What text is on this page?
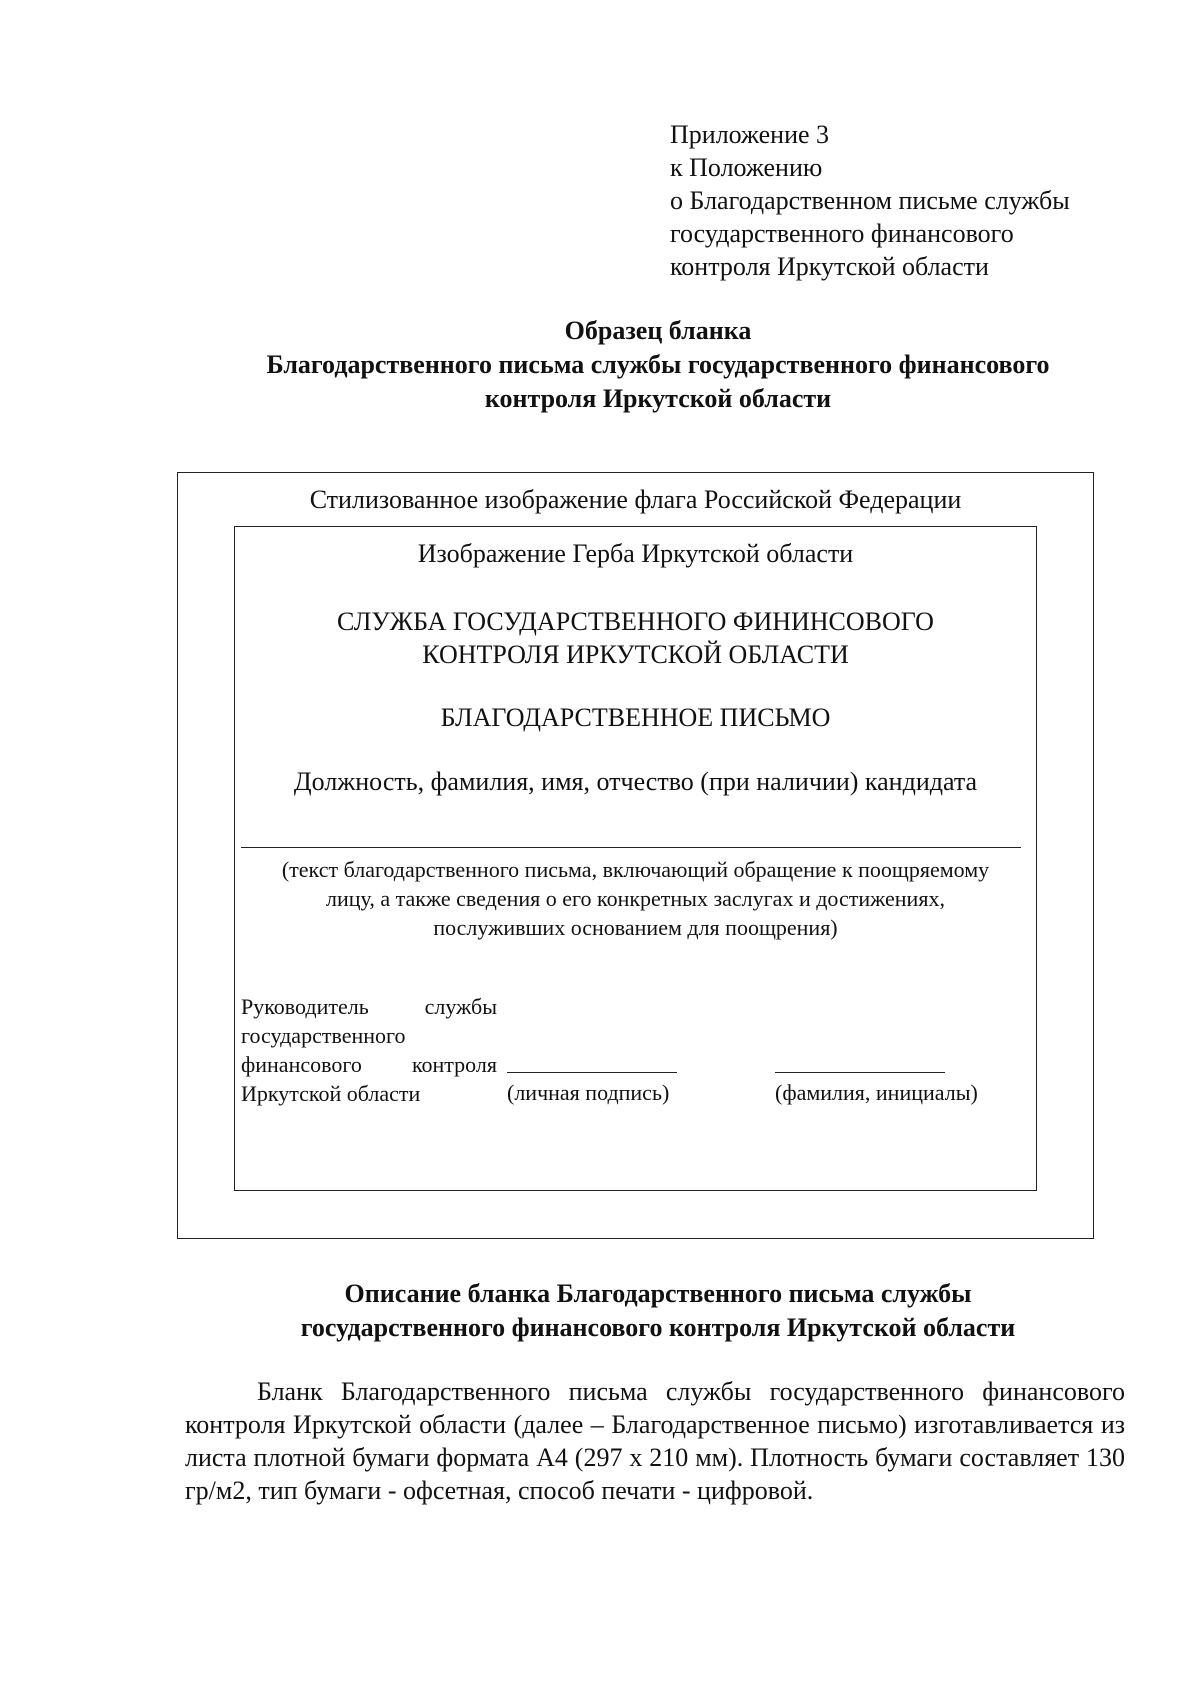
Приложение 3
к Положению
о Благодарственном письме службы
государственного финансового
контроля Иркутской области
Образец бланка
Благодарственного письма службы государственного финансового
контроля Иркутской области
Стилизованное изображение флага Российской Федерации
Изображение Герба Иркутской области
СЛУЖБА ГОСУДАРСТВЕННОГО ФИНИНСОВОГО
КОНТРОЛЯ ИРКУТСКОЙ ОБЛАСТИ
БЛАГОДАРСТВЕННОЕ ПИСЬМО
Должность, фамилия, имя, отчество (при наличии) кандидата
(текст благодарственного письма, включающий обращение к поощряемому
лицу, а также сведения о его конкретных заслугах и достижениях,
послуживших основанием для поощрения)
Руководитель службы
государственного
финансового контроля
Иркутской области	(личная подпись)	(фамилия, инициалы)
Описание бланка Благодарственного письма службы
государственного финансового контроля Иркутской области
Бланк Благодарственного письма службы государственного финансового контроля Иркутской области (далее – Благодарственное письмо) изготавливается из листа плотной бумаги формата А4 (297 х 210 мм). Плотность бумаги составляет 130 гр/м2, тип бумаги - офсетная, способ печати - цифровой.
